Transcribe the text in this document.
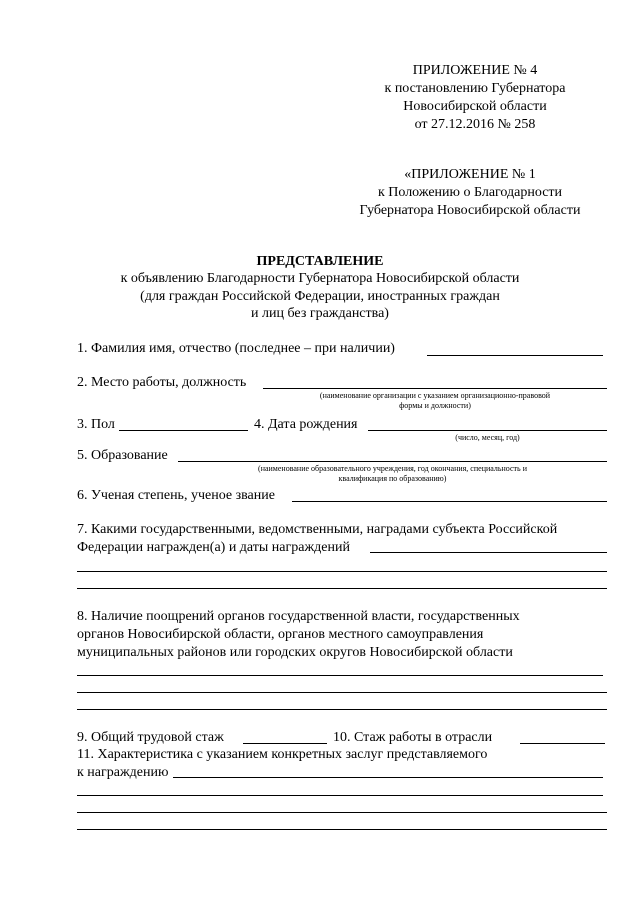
ПРИЛОЖЕНИЕ № 4
к постановлению Губернатора
Новосибирской области
от 27.12.2016 № 258
«ПРИЛОЖЕНИЕ № 1
к Положению о Благодарности
Губернатора Новосибирской области
ПРЕДСТАВЛЕНИЕ
к объявлению Благодарности Губернатора Новосибирской области
(для граждан Российской Федерации, иностранных граждан
и лиц без гражданства)
1. Фамилия имя, отчество (последнее – при наличии)
2. Место работы, должность
(наименование организации с указанием организационно-правовой
формы и должности)
3. Пол	4. Дата рождения
(число, месяц, год)
5. Образование
(наименование образовательного учреждения, год окончания, специальность и
квалификация по образованию)
6. Ученая степень, ученое звание
7. Какими государственными, ведомственными, наградами субъекта Российской
Федерации награжден(а) и даты награждений
8. Наличие поощрений органов государственной власти, государственных
органов Новосибирской области, органов местного самоуправления
муниципальных районов или городских округов Новосибирской области
9. Общий трудовой стаж	10. Стаж работы в отрасли
11. Характеристика с указанием конкретных заслуг представляемого
к награждению
